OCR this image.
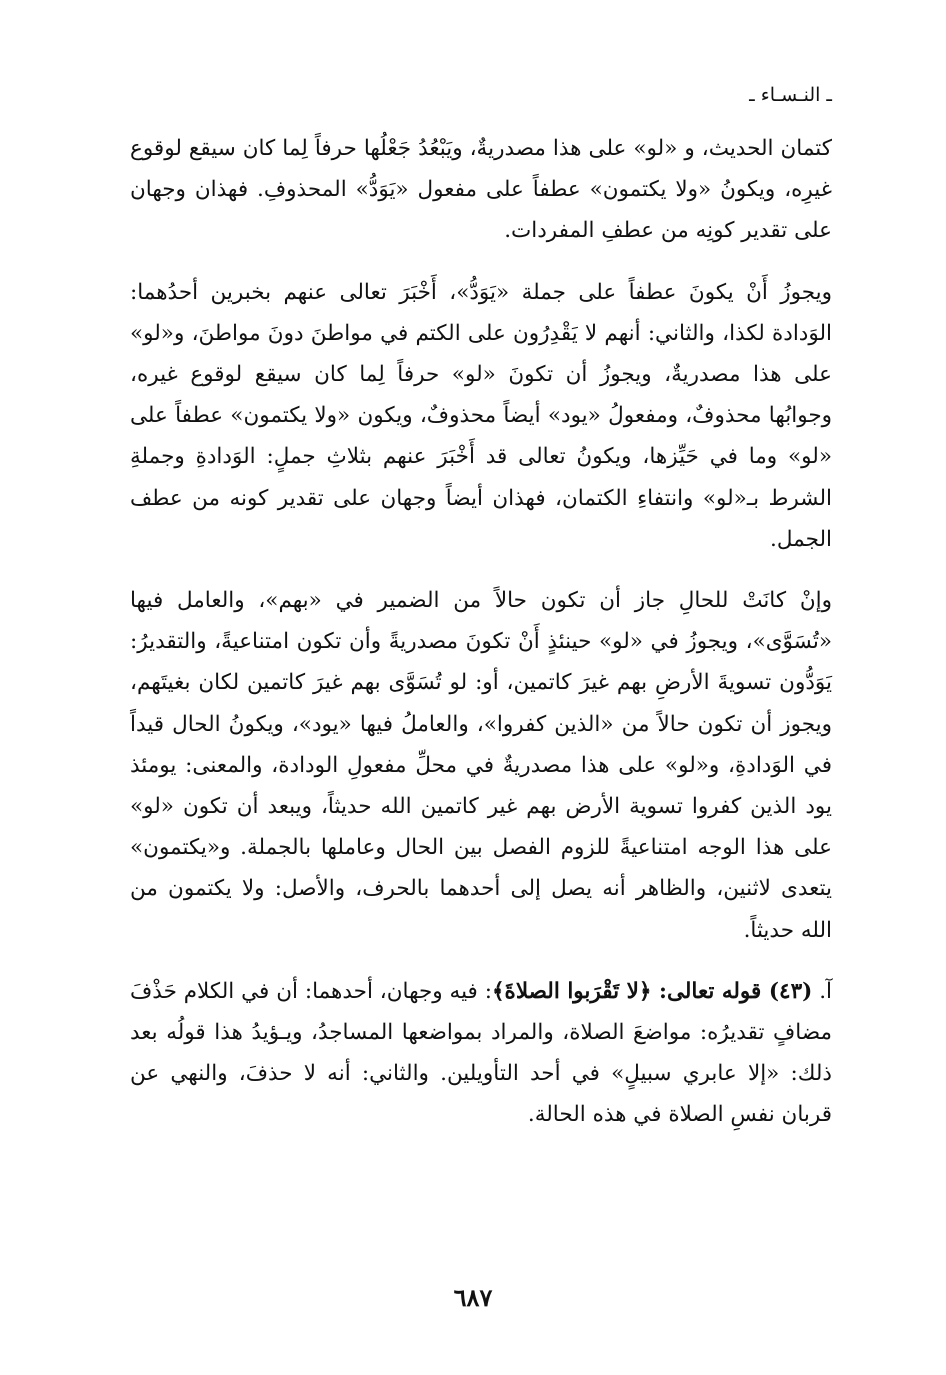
ـ النـسـاء ـ

كتمان الحديث، و «لو» على هذا مصدريةٌ، ويَبْعُدُ جَعْلُها حرفاً لِما كان سيقع لوقوع غيرِه، ويكونُ «ولا يكتمون» عطفاً على مفعول «يَوَدُّ» المحذوفِ. فهذان وجهان على تقدير كونِه من عطفِ المفردات.

ويجوزُ أَنْ يكونَ عطفاً على جملة «يَوَدُّ»، أَخْبَرَ تعالى عنهم بخبرين أحدُهما: الوَدادة لكذا، والثاني: أنهم لا يَقْدِرُون على الكتم في مواطنَ دونَ مواطنَ، و«لو» على هذا مصدريةٌ، ويجوزُ أن تكونَ «لو» حرفاً لِما كان سيقع لوقوع غيره، وجوابُها محذوفٌ، ومفعولُ «يود» أيضاً محذوفٌ، ويكون «ولا يكتمون» عطفاً على «لو» وما في حَيِّزها، ويكونُ تعالى قد أَخْبَرَ عنهم بثلاثِ جملٍ: الوَدادةِ وجملةِ الشرط بـ«لو» وانتفاءِ الكتمان، فهذان أيضاً وجهان على تقدير كونه من عطف الجمل.

وإنْ كانَتْ للحالِ جاز أن تكون حالاً من الضمير في «بهم»، والعامل فيها «تُسَوَّى»، ويجوزُ في «لو» حينئذٍ أَنْ تكونَ مصدريةً وأن تكون امتناعيةً، والتقديرُ: يَوَدُّون تسويةَ الأرضِ بهم غيرَ كاتمين، أو: لو تُسَوَّى بهم غيرَ كاتمين لكان بغيتَهم، ويجوز أن تكون حالاً من «الذين كفروا»، والعاملُ فيها «يود»، ويكونُ الحال قيداً في الوَدادةِ، و«لو» على هذا مصدريةٌ في محلِّ مفعولِ الودادة، والمعنى: يومئذ يود الذين كفروا تسوية الأرض بهم غير كاتمين الله حديثاً، ويبعد أن تكون «لو» على هذا الوجه امتناعيةً للزوم الفصل بين الحال وعاملها بالجملة. و«يكتمون» يتعدى لاثنين، والظاهر أنه يصل إلى أحدهما بالحرف، والأصل: ولا يكتمون من الله حديثاً.

آ. (٤٣) قوله تعالى: ﴿لا تَقْرَبوا الصلاةَ﴾: فيه وجهان، أحدهما: أن في الكلام حَذْفَ مضافٍ تقديرُه: مواضعَ الصلاة، والمراد بمواضعها المساجدُ، ويـؤيدُ هذا قولُه بعد ذلك: «إلا عابري سبيلٍ» في أحد التأويلين. والثاني: أنه لا حذفَ، والنهي عن قربان نفسِ الصلاة في هذه الحالة.

٦٨٧
